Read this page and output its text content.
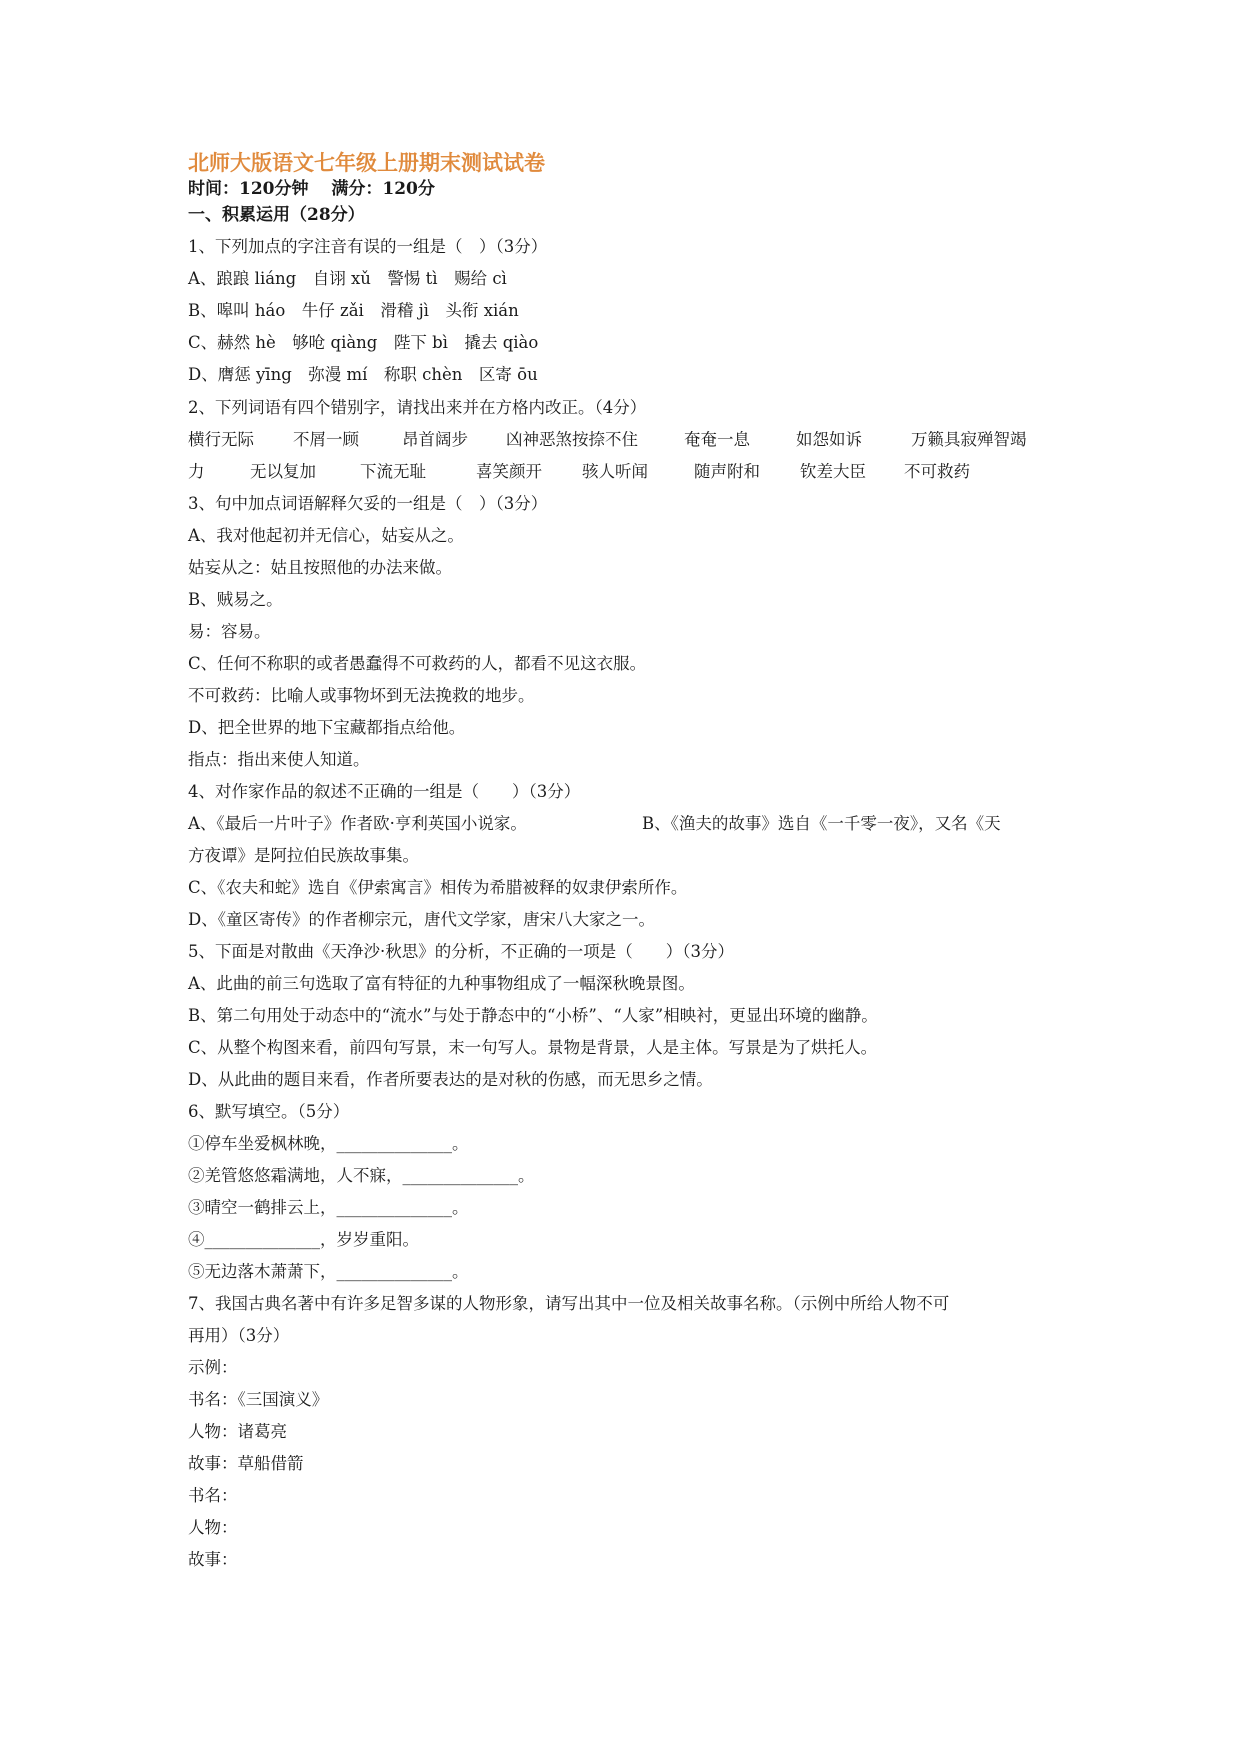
北师大版语文七年级上册期末测试试卷
时间：120分钟　 满分：120分
一、积累运用（28分）
1、下列加点的字注音有误的一组是（　）（3分）
A、踉踉 liáng　自诩 xǔ　警惕 tì　赐给 cì
B、嗥叫 háo　牛仔 zǎi　滑稽 jì　头衔 xián
C、赫然 hè　够呛 qiàng　陛下 bì　撬去 qiào
D、膺惩 yīng　弥漫 mí　称职 chèn　区寄 ōu
2、下列词语有四个错别字，请找出来并在方格内改正。（4分）
横行无际 不屑一顾	昂首阔步 凶神恶煞按捺不住	奄奄一息	如怨如诉	万籁具寂殚智竭
力	无以复加	下流无耻	喜笑颜开 骇人听闻	随声附和 钦差大臣 不可救药
3、句中加点词语解释欠妥的一组是（　）（3分）
A、我对他起初并无信心，姑妄从之。
姑妄从之：姑且按照他的办法来做。
B、贼易之。
易：容易。
C、任何不称职的或者愚蠢得不可救药的人，都看不见这衣服。
不可救药：比喻人或事物坏到无法挽救的地步。
D、把全世界的地下宝藏都指点给他。
指点：指出来使人知道。
4、对作家作品的叙述不正确的一组是（　　）（3分）
A、《最后一片叶子》作者欧·亨利英国小说家。	B、《渔夫的故事》选自《一千零一夜》，又名《天
方夜谭》是阿拉伯民族故事集。
C、《农夫和蛇》选自《伊索寓言》相传为希腊被释的奴隶伊索所作。
D、《童区寄传》的作者柳宗元，唐代文学家，唐宋八大家之一。
5、下面是对散曲《天净沙·秋思》的分析，不正确的一项是（　　）（3分）
A、此曲的前三句选取了富有特征的九种事物组成了一幅深秋晚景图。
B、第二句用处于动态中的“流水”与处于静态中的“小桥”、“人家”相映衬，更显出环境的幽静。
C、从整个构图来看，前四句写景，末一句写人。景物是背景，人是主体。写景是为了烘托人。
D、从此曲的题目来看，作者所要表达的是对秋的伤感，而无思乡之情。
6、默写填空。（5分）
①停车坐爱枫林晚，______________。
②羌管悠悠霜满地，人不寐，______________。
③晴空一鹤排云上，______________。
④______________，岁岁重阳。
⑤无边落木萧萧下，______________。
7、我国古典名著中有许多足智多谋的人物形象，请写出其中一位及相关故事名称。（示例中所给人物不可
再用）（3分）
示例：
书名：《三国演义》
人物：诸葛亮
故事：草船借箭
书名：
人物：
故事：
